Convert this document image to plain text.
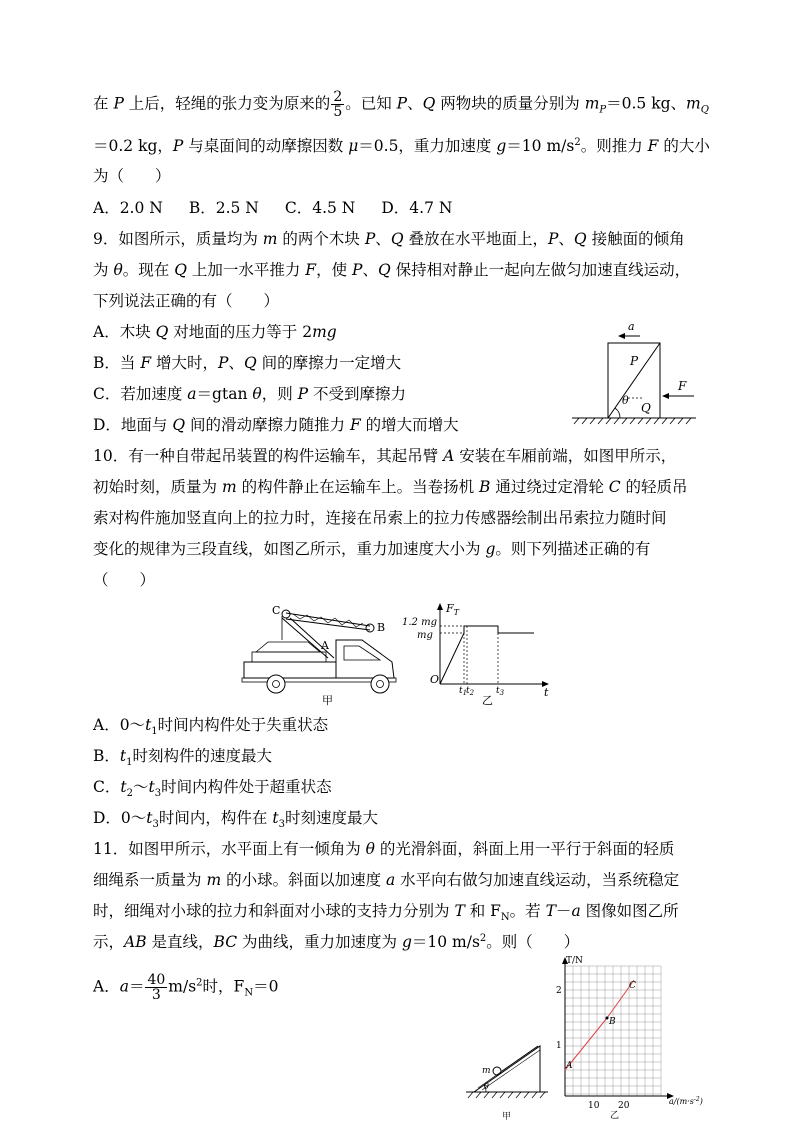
在 P 上后，轻绳的张力变为原来的 $\frac{2}{5}$ 。已知 P、Q 两物块的质量分别为 $m_P=0.5$ kg、$m_Q$
＝0.2 kg，P 与桌面间的动摩擦因数 μ＝0.5，重力加速度 g＝10 $m/s^2$。则推力 F 的大小
为（　　）
A．2.0 N B．2.5 N C．4.5 N D．4.7 N
9．如图所示，质量均为 m 的两个木块 P、Q 叠放在水平地面上，P、Q 接触面的倾角
为 θ。现在 Q 上加一水平推力 F，使 P、Q 保持相对静止一起向左做匀加速直线运动，
下列说法正确的有（　　）
A．木块 Q 对地面的压力等于 2mg
B．当 F 增大时，P、Q 间的摩擦力一定增大
C．若加速度 a＝gtan θ，则 P 不受到摩擦力
D．地面与 Q 间的滑动摩擦力随推力 F 的增大而增大
a
P
Q
θ
F
10．有一种自带起吊装置的构件运输车，其起吊臂 A 安装在车厢前端，如图甲所示，
初始时刻，质量为 m 的构件静止在运输车上。当卷扬机 B 通过绕过定滑轮 C 的轻质吊
索对构件施加竖直向上的拉力时，连接在吊索上的拉力传感器绘制出吊索拉力随时间
变化的规律为三段直线，如图乙所示，重力加速度大小为 g。则下列描述正确的有
（　　）
C
B
A
甲
$F_T$
1.2 mg
mg
O
$t_1$
$t_2$ $t_3$	t
乙
A．$0\sim t_1$时间内构件处于失重状态
B．$t_1$时刻构件的速度最大
C．$t_2\sim t_3$时间内构件处于超重状态
D．$0\sim t_3$时间内，构件在 $t_3$时刻速度最大
11．如图甲所示，水平面上有一倾角为 θ 的光滑斜面，斜面上用一平行于斜面的轻质
细绳系一质量为 m 的小球。斜面以加速度 a 水平向右做匀加速直线运动，当系统稳定
时，细绳对小球的拉力和斜面对小球的支持力分别为 T 和 $F_N$。若 T－a 图像如图乙所
示，AB 是直线，BC 为曲线，重力加速度为 g＝10 $m/s^2$。则（　　）
A．$a= \frac{40}{3} m/s^2$时，$F_N=0$
m
θ
甲
T/N
1
2
10 20	$a/(m\cdot s^{-2})$
A
B
C
乙
